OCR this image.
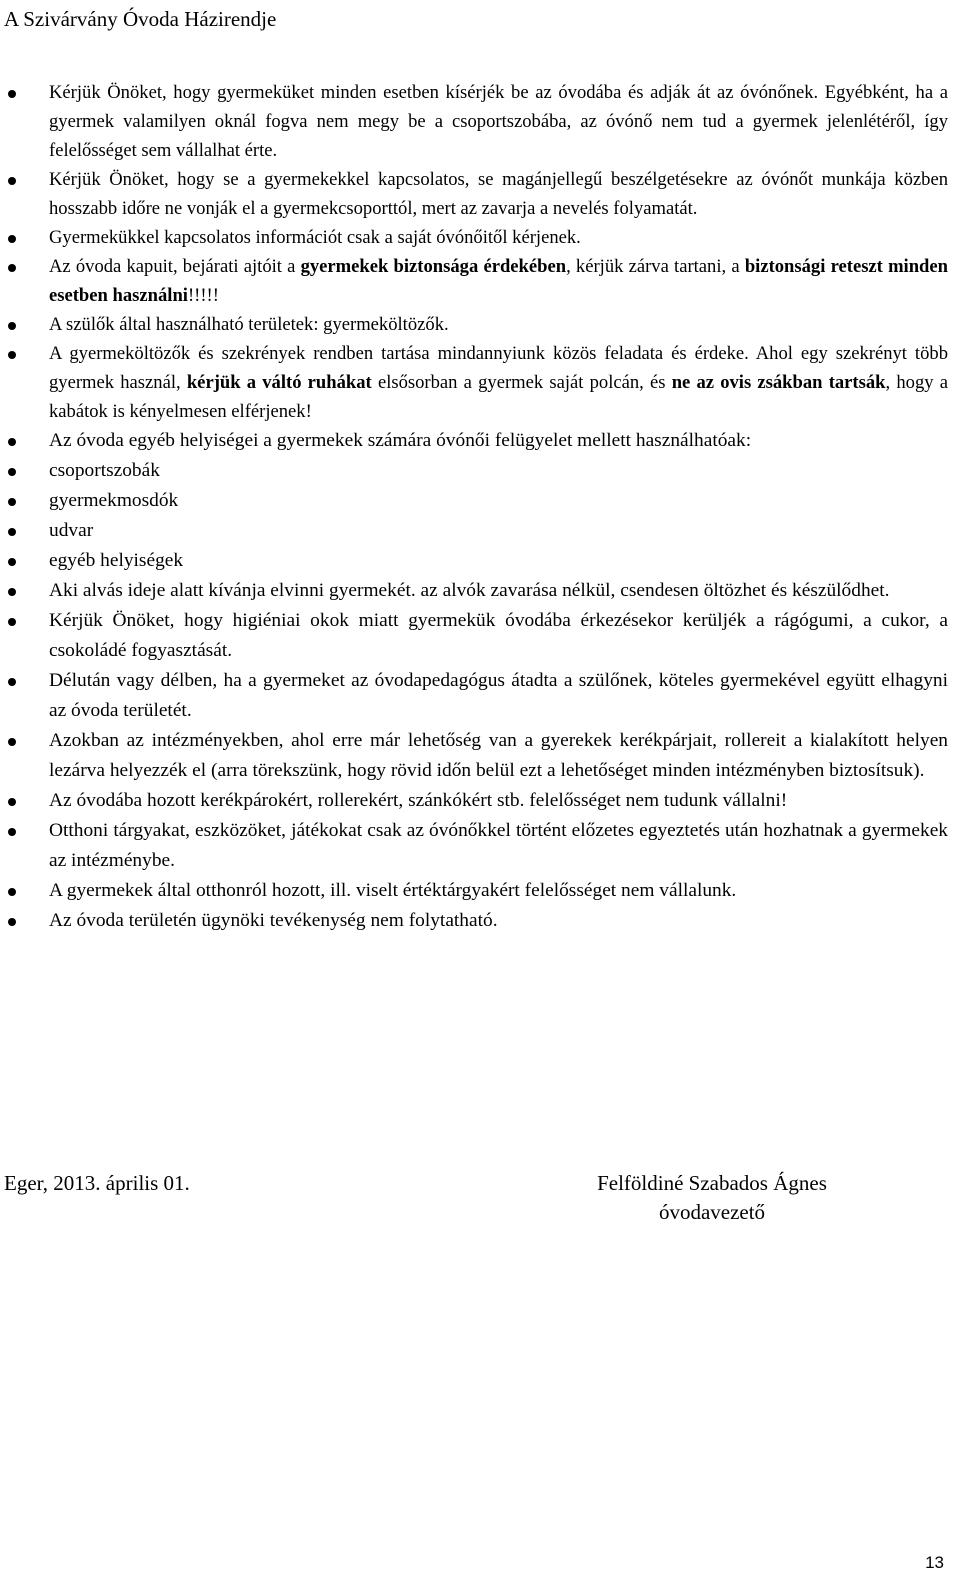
A Szivárvány Óvoda Házirendje
Kérjük Önöket, hogy gyermeküket minden esetben kísérjék be az óvodába és adják át az óvónőnek. Egyébként, ha a gyermek valamilyen oknál fogva nem megy be a csoportszobába, az óvónő nem tud a gyermek jelenlétéről, így felelősséget sem vállalhat érte.
Kérjük Önöket, hogy se a gyermekekkel kapcsolatos, se magánjellegű beszélgetésekre az óvónőt munkája közben hosszabb időre ne vonják el a gyermekcsoporttól, mert az zavarja a nevelés folyamatát.
Gyermekükkel kapcsolatos információt csak a saját óvónőitől kérjenek.
Az óvoda kapuit, bejárati ajtóit a gyermekek biztonsága érdekében, kérjük zárva tartani, a biztonsági reteszt minden esetben használni!!!!!
A szülők által használható területek: gyermeköltözők.
A gyermeköltözők és szekrények rendben tartása mindannyiunk közös feladata és érdeke. Ahol egy szekrényt több gyermek használ, kérjük a váltó ruhákat elsősorban a gyermek saját polcán, és ne az ovis zsákban tartsák, hogy a kabátok is kényelmesen elférjenek!
Az óvoda egyéb helyiségei a gyermekek számára óvónői felügyelet mellett használhatóak:
csoportszobák
gyermekmosdók
udvar
egyéb helyiségek
Aki alvás ideje alatt kívánja elvinni gyermekét. az alvók zavarása nélkül, csendesen öltözhet és készülődhet.
Kérjük Önöket, hogy higiéniai okok miatt gyermekük óvodába érkezésekor kerüljék a rágógumi, a cukor, a csokoládé fogyasztását.
Délután vagy délben, ha a gyermeket az óvodapedagógus átadta a szülőnek, köteles gyermekével együtt elhagyni az óvoda területét.
Azokban az intézményekben, ahol erre már lehetőség van a gyerekek kerékpárjait, rollereit a kialakított helyen lezárva helyezzék el (arra törekszünk, hogy rövid időn belül ezt a lehetőséget minden intézményben biztosítsuk).
Az óvodába hozott kerékpárokért, rollerekért, szánkókért stb. felelősséget nem tudunk vállalni!
Otthoni tárgyakat, eszközöket, játékokat csak az óvónőkkel történt előzetes egyeztetés után hozhatnak a gyermekek az intézménybe.
A gyermekek által otthonról hozott, ill. viselt értéktárgyakért felelősséget nem vállalunk.
Az óvoda területén ügynöki tevékenység nem folytatható.
Eger, 2013. április 01.	Felföldiné Szabados Ágnes
óvodavezető
13
